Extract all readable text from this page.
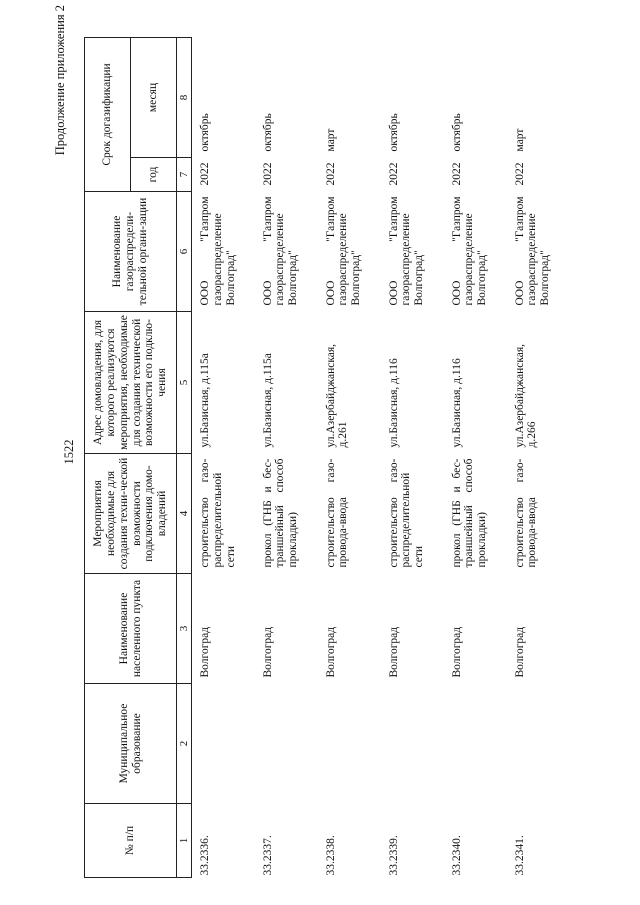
1522
Продолжение приложения 2
№ п/п	Муниципальное образование	Наименование населенного пункта	Мероприятия необходимые для создания техни-ческой возможности подключения домо-владений	Адрес домовладения, для которого реализуются мероприятия, необходимые для создания технической возможности его подклю-чения	Наименование газораспредели-тельной органи-зации	Срок догазификации	
						год	месяц
1	2	3	4	5	6	7	8
33.2336.		Волгоград	строительство газо-распределительной сети	ул.Базисная, д.115а	ООО "Газпром газораспределение Волгоград"	2022	октябрь
33.2337.		Волгоград	прокол (ГНБ и бес-траншейный способ прокладки)	ул.Базисная, д.115а	ООО "Газпром газораспределение Волгоград"	2022	октябрь
33.2338.		Волгоград	строительство газо-провода-ввода	ул.Азербайджанская, д.261	ООО "Газпром газораспределение Волгоград"	2022	март
33.2339.		Волгоград	строительство газо-распределительной сети	ул.Базисная, д.116	ООО "Газпром газораспределение Волгоград"	2022	октябрь
33.2340.		Волгоград	прокол (ГНБ и бес-траншейный способ прокладки)	ул.Базисная, д.116	ООО "Газпром газораспределение Волгоград"	2022	октябрь
33.2341.		Волгоград	строительство газо-провода-ввода	ул.Азербайджанская, д.266	ООО "Газпром газораспределение Волгоград"	2022	март
